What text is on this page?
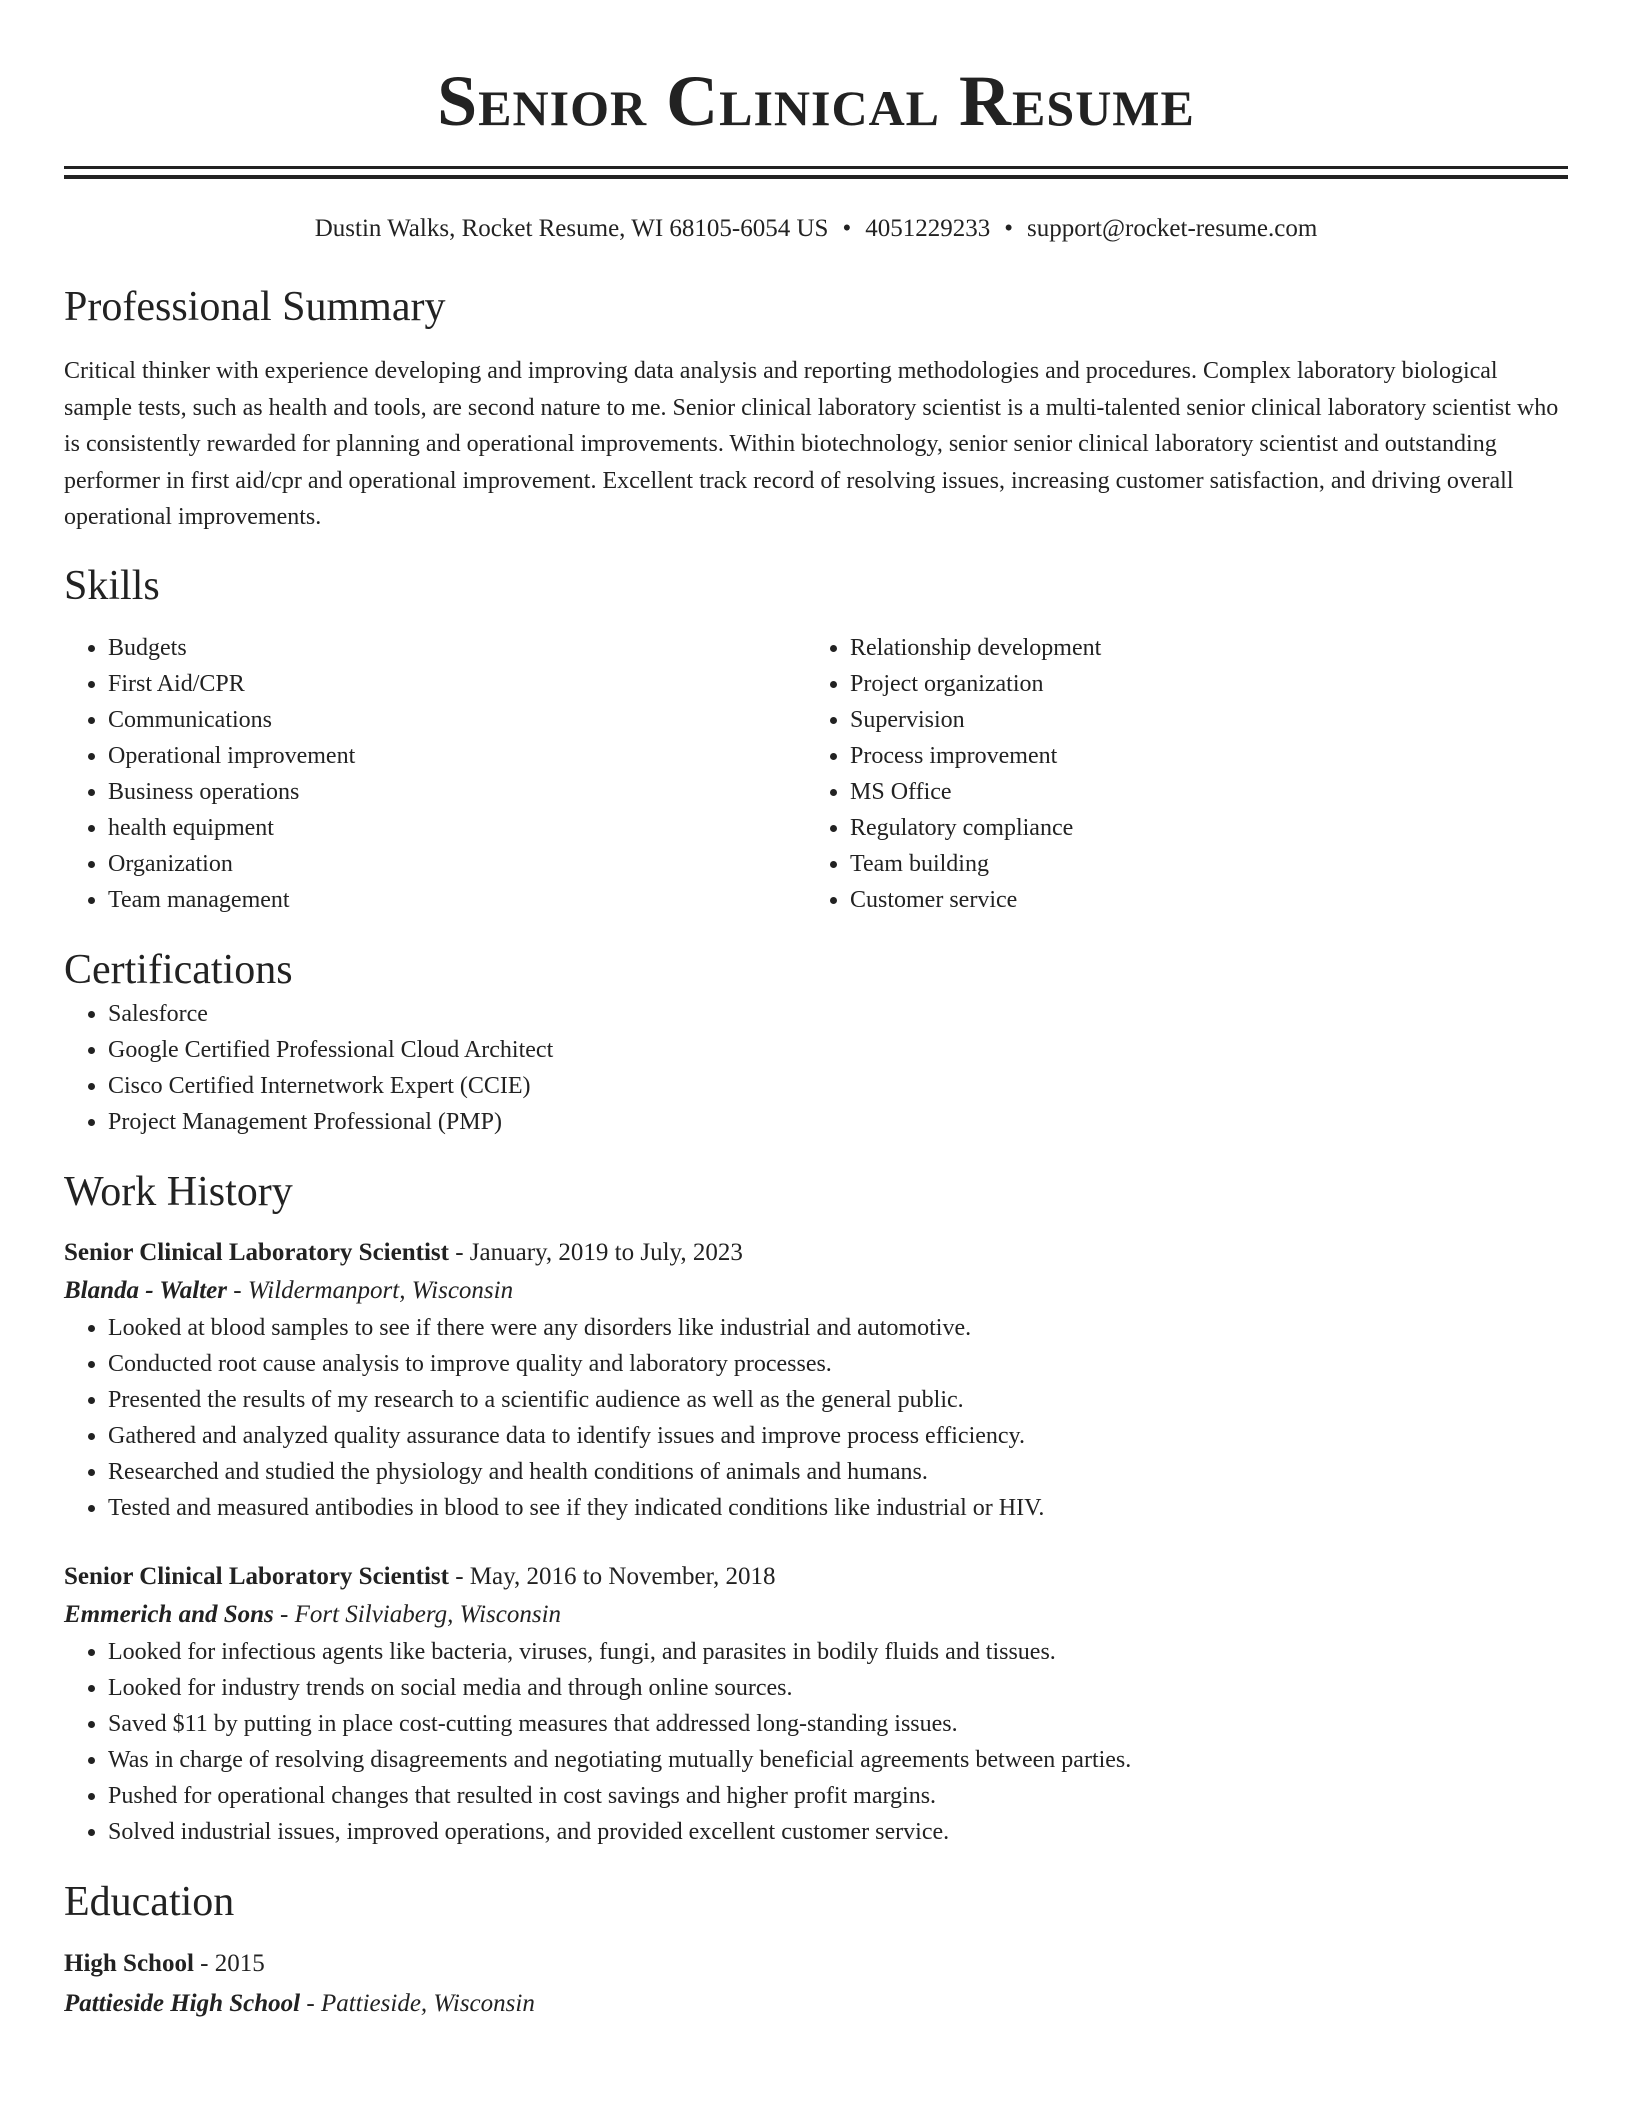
Senior Clinical Resume
Dustin Walks, Rocket Resume, WI 68105-6054 US • 4051229233 • support@rocket-resume.com
Professional Summary

Critical thinker with experience developing and improving data analysis and reporting methodologies and procedures. Complex laboratory biological sample tests, such as health and tools, are second nature to me. Senior clinical laboratory scientist is a multi-talented senior clinical laboratory scientist who is consistently rewarded for planning and operational improvements. Within biotechnology, senior senior clinical laboratory scientist and outstanding performer in first aid/cpr and operational improvement. Excellent track record of resolving issues, increasing customer satisfaction, and driving overall operational improvements.

Skills
• Budgets
• First Aid/CPR
• Communications
• Operational improvement
• Business operations
• health equipment
• Organization
• Team management
• Relationship development
• Project organization
• Supervision
• Process improvement
• MS Office
• Regulatory compliance
• Team building
• Customer service
Certifications
• Salesforce
• Google Certified Professional Cloud Architect
• Cisco Certified Internetwork Expert (CCIE)
• Project Management Professional (PMP)
Work History
Senior Clinical Laboratory Scientist - January, 2019 to July, 2023
Blanda - Walter - Wildermanport, Wisconsin
• Looked at blood samples to see if there were any disorders like industrial and automotive.
• Conducted root cause analysis to improve quality and laboratory processes.
• Presented the results of my research to a scientific audience as well as the general public.
• Gathered and analyzed quality assurance data to identify issues and improve process efficiency.
• Researched and studied the physiology and health conditions of animals and humans.
• Tested and measured antibodies in blood to see if they indicated conditions like industrial or HIV.
Senior Clinical Laboratory Scientist - May, 2016 to November, 2018
Emmerich and Sons - Fort Silviaberg, Wisconsin
• Looked for infectious agents like bacteria, viruses, fungi, and parasites in bodily fluids and tissues.
• Looked for industry trends on social media and through online sources.
• Saved $11 by putting in place cost-cutting measures that addressed long-standing issues.
• Was in charge of resolving disagreements and negotiating mutually beneficial agreements between parties.
• Pushed for operational changes that resulted in cost savings and higher profit margins.
• Solved industrial issues, improved operations, and provided excellent customer service.
Education
High School - 2015
Pattieside High School - Pattieside, Wisconsin
